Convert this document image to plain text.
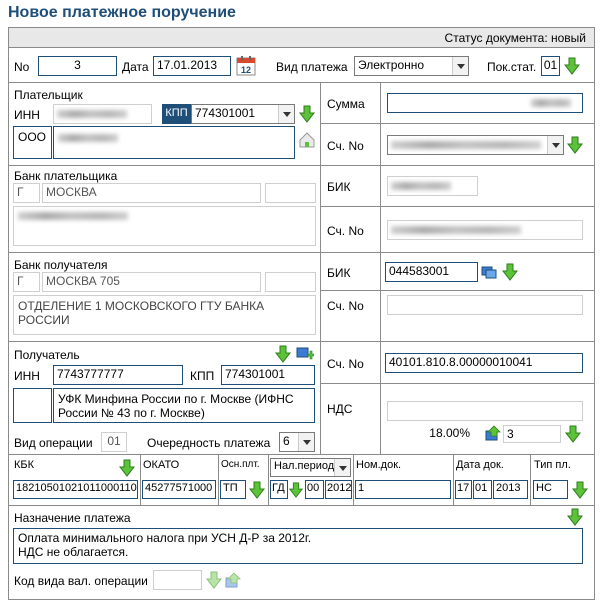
Новое платежное поручение
Статус документа: новый
No	3	Дата 17.01.2013	12 Вид платежа Электронно	Пок.стат. 01
Плательщик
ИНН	КПП 774301001
ООО
Банк плательщика
Г	МОСКВА
Сумма
Сч. No
БИК
Сч. No
Банк получателя
Г	МОСКВА 705
ОТДЕЛЕНИЕ 1 МОСКОВСКОГО ГТУ БАНКА РОССИИ
БИК	044583001
Сч. No
Получатель
ИНН	7743777777	КПП 774301001
УФК Минфина России по г. Москве (ИФНС России № 43 по г. Москве)
Сч. No	40101.810.8.00000010041
НДС
18.00%	3
Вид операции	01	Очередность платежа	6
КБК
18210501021011000110
ОКАТО
45277571000
Осн.плт.
ТП
Нал.период
ГД	00 2012
Ном.док.
1
Дата док.
17 01 2013
Тип пл.
НС
Назначение платежа
Оплата минимального налога при УСН Д-Р за 2012г.
НДС не облагается.
Код вида вал. операции
